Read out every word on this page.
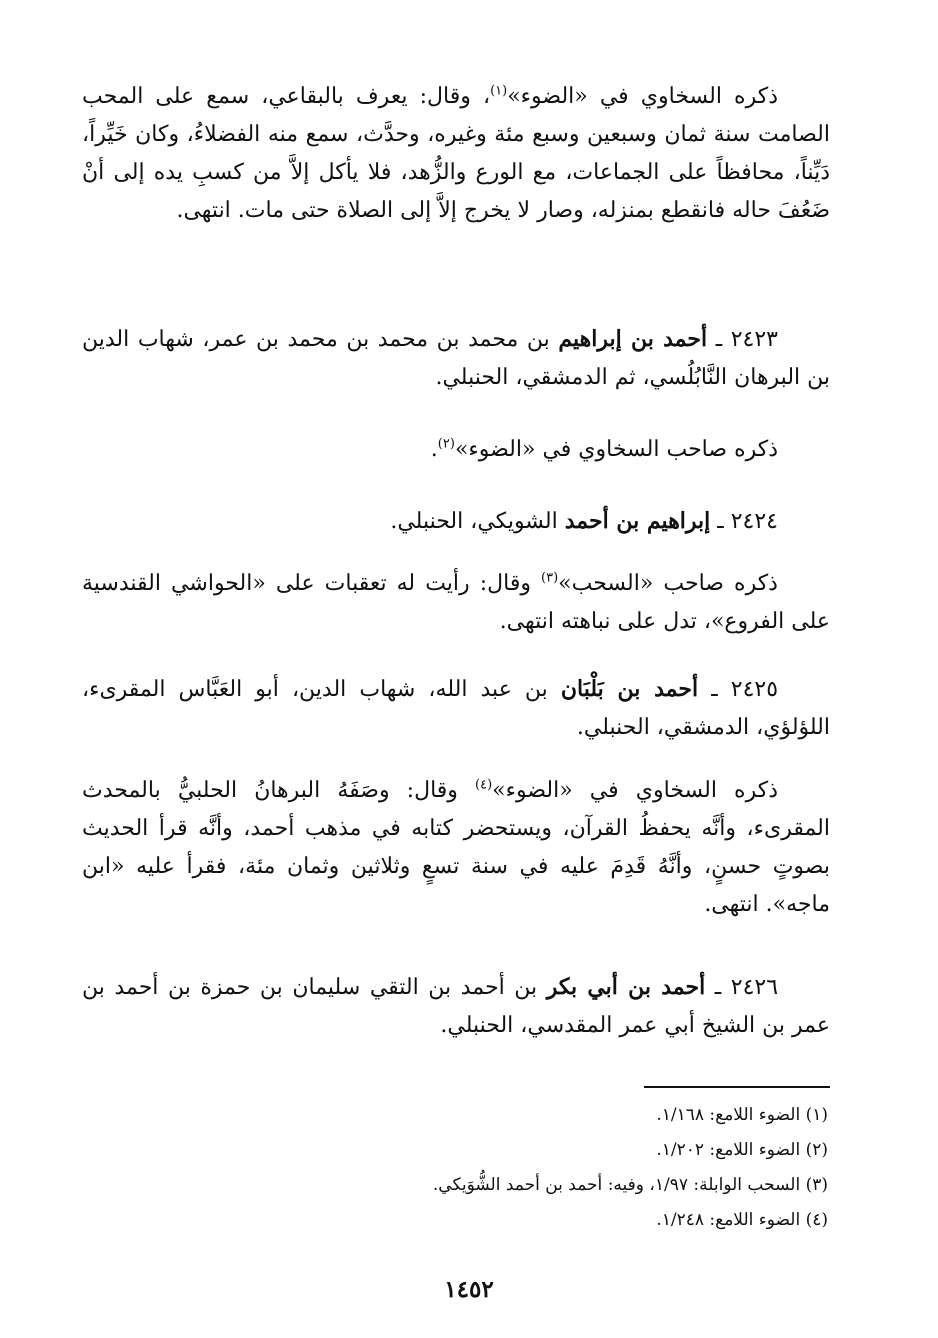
ذكره السخاوي في «الضوء»$^{(١)}$، وقال: يعرف بالبقاعي، سمع على المحب الصامت سنة ثمان وسبعين وسبع مئة وغيره، وحدَّث، سمع منه الفضلاءُ، وكان خَيِّراً، دَيِّناً، محافظاً على الجماعات، مع الورع والزُّهد، فلا يأكل إلاَّ من كسبِ يده إلى أنْ ضَعُفَ حاله فانقطع بمنزله، وصار لا يخرج إلاَّ إلى الصلاة حتى مات. انتهى.

٢٤٢٣ ـ أحمد بن إبراهيم بن محمد بن محمد بن محمد بن عمر، شهاب الدين بن البرهان النَّابُلُسي، ثم الدمشقي، الحنبلي.

ذكره صاحب السخاوي في «الضوء»$^{(٢)}$.

٢٤٢٤ ـ إبراهيم بن أحمد الشويكي، الحنبلي.

ذكره صاحب «السحب»$^{(٣)}$ وقال: رأيت له تعقبات على «الحواشي القندسية على الفروع»، تدل على نباهته انتهى.

٢٤٢٥ ـ أحمد بن بَلْبَان بن عبد الله، شهاب الدين، أبو العَبَّاس المقرىء، اللؤلؤي، الدمشقي، الحنبلي.

ذكره السخاوي في «الضوء»$^{(٤)}$ وقال: وصَفَهُ البرهانُ الحلبيُّ بالمحدث المقرىء، وأنَّه يحفظُ القرآن، ويستحضر كتابه في مذهب أحمد، وأنَّه قرأ الحديث بصوتٍ حسنٍ، وأنَّهُ قَدِمَ عليه في سنة تسعٍ وثلاثين وثمان مئة، فقرأ عليه «ابن ماجه». انتهى.

٢٤٢٦ ـ أحمد بن أبي بكر بن أحمد بن التقي سليمان بن حمزة بن أحمد بن عمر بن الشيخ أبي عمر المقدسي، الحنبلي.

(١) الضوء اللامع: ١/١٦٨.
(٢) الضوء اللامع: ١/٢٠٢.
(٣) السحب الوابلة: ١/٩٧، وفيه: أحمد بن أحمد الشُّوَيكي.
(٤) الضوء اللامع: ١/٢٤٨.
١٤٥٢
